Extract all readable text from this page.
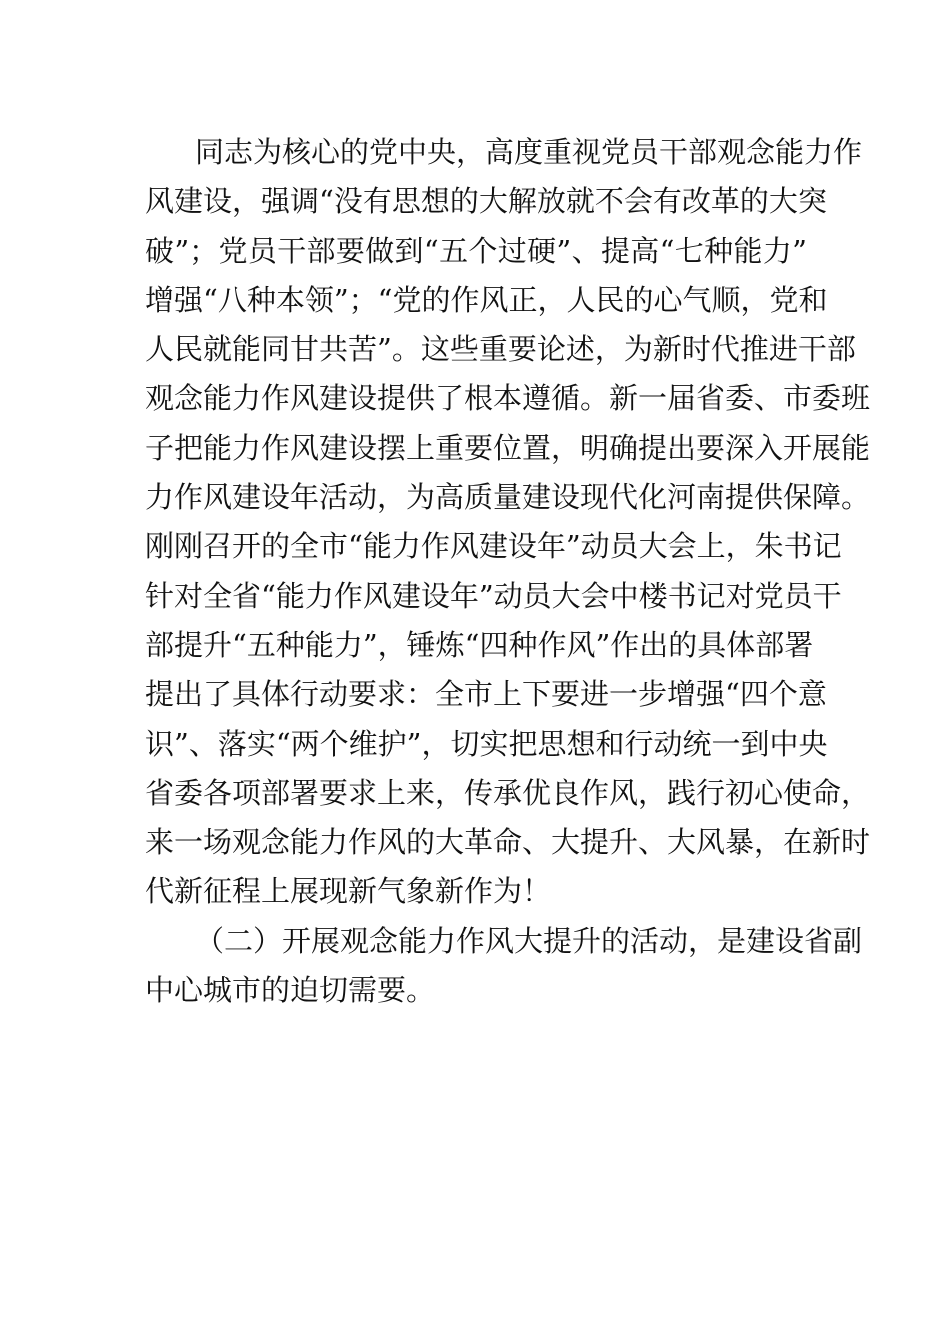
同志为核心的党中央，高度重视党员干部观念能力作
风建设，强调“没有思想的大解放就不会有改革的大突
破”；党员干部要做到“五个过硬”、提高“七种能力”
增强“八种本领”；“党的作风正，人民的心气顺，党和
人民就能同甘共苦”。这些重要论述，为新时代推进干部
观念能力作风建设提供了根本遵循。新一届省委、市委班
子把能力作风建设摆上重要位置，明确提出要深入开展能
力作风建设年活动，为高质量建设现代化河南提供保障。
刚刚召开的全市“能力作风建设年”动员大会上，朱书记
针对全省“能力作风建设年”动员大会中楼书记对党员干
部提升“五种能力”，锤炼“四种作风”作出的具体部署
提出了具体行动要求：全市上下要进一步增强“四个意
识”、落实“两个维护”，切实把思想和行动统一到中央
省委各项部署要求上来，传承优良作风，践行初心使命，
来一场观念能力作风的大革命、大提升、大风暴，在新时
代新征程上展现新气象新作为！
（二）开展观念能力作风大提升的活动，是建设省副
中心城市的迫切需要。
